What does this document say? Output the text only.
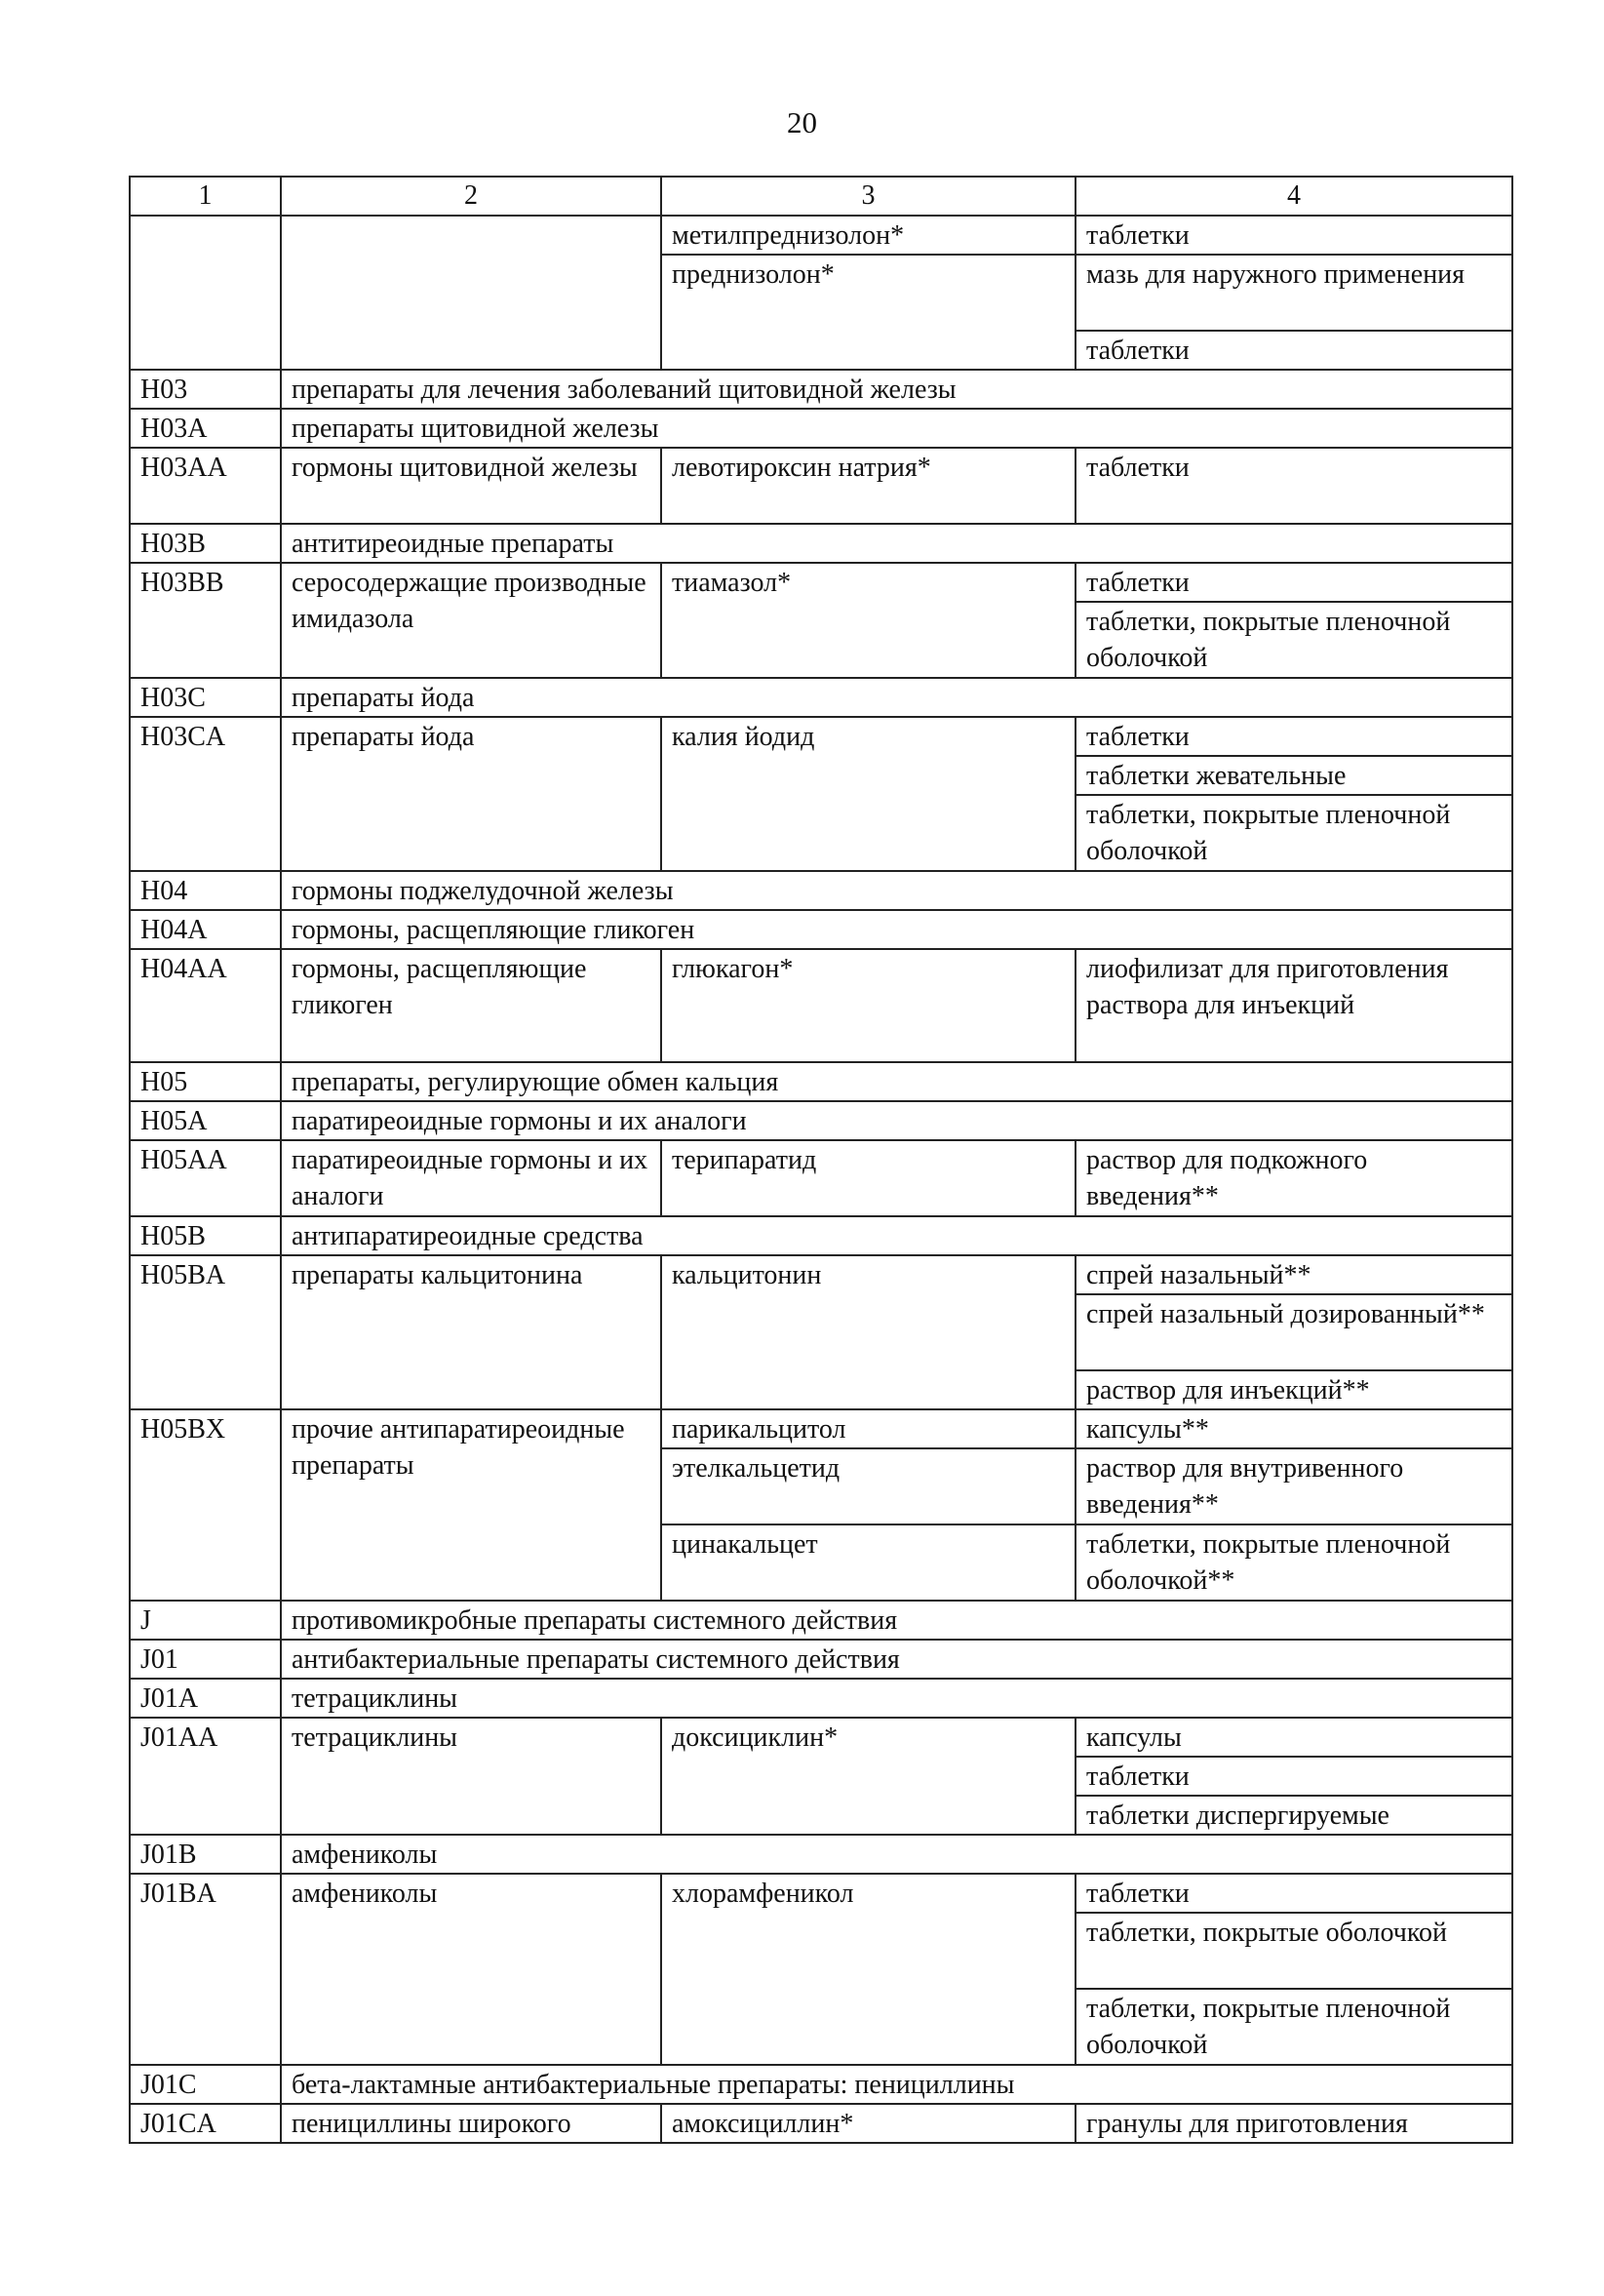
20
1	2	3	4
		метилпреднизолон*	таблетки
		преднизолон*	мазь для наружного применения
			таблетки
H03	препараты для лечения заболеваний щитовидной железы		
H03A	препараты щитовидной железы		
H03AA	гормоны щитовидной железы	левотироксин натрия*	таблетки
H03B	антитиреоидные препараты		
H03BB	серосодержащие производные имидазола	тиамазол*	таблетки
			таблетки, покрытые пленочной оболочкой
H03C	препараты йода		
H03CA	препараты йода	калия йодид	таблетки
			таблетки жевательные
			таблетки, покрытые пленочной оболочкой
H04	гормоны поджелудочной железы		
H04A	гормоны, расщепляющие гликоген		
H04AA	гормоны, расщепляющие гликоген	глюкагон*	лиофилизат для приготовления раствора для инъекций
H05	препараты, регулирующие обмен кальция		
H05A	паратиреоидные гормоны и их аналоги		
H05AA	паратиреоидные гормоны и их аналоги	терипаратид	раствор для подкожного введения**
H05B	антипаратиреоидные средства		
H05BA	препараты кальцитонина	кальцитонин	спрей назальный**
			спрей назальный дозированный**
			раствор для инъекций**
H05BX	прочие антипаратиреоидные препараты	парикальцитол	капсулы**
		этелкальцетид	раствор для внутривенного введения**
		цинакальцет	таблетки, покрытые пленочной оболочкой**
J	противомикробные препараты системного действия		
J01	антибактериальные препараты системного действия		
J01A	тетрациклины		
J01AA	тетрациклины	доксициклин*	капсулы
			таблетки
			таблетки диспергируемые
J01B	амфениколы		
J01BA	амфениколы	хлорамфеникол	таблетки
			таблетки, покрытые оболочкой
			таблетки, покрытые пленочной оболочкой
J01C	бета-лактамные антибактериальные препараты: пенициллины		
J01CA	пенициллины широкого	амоксициллин*	гранулы для приготовления
